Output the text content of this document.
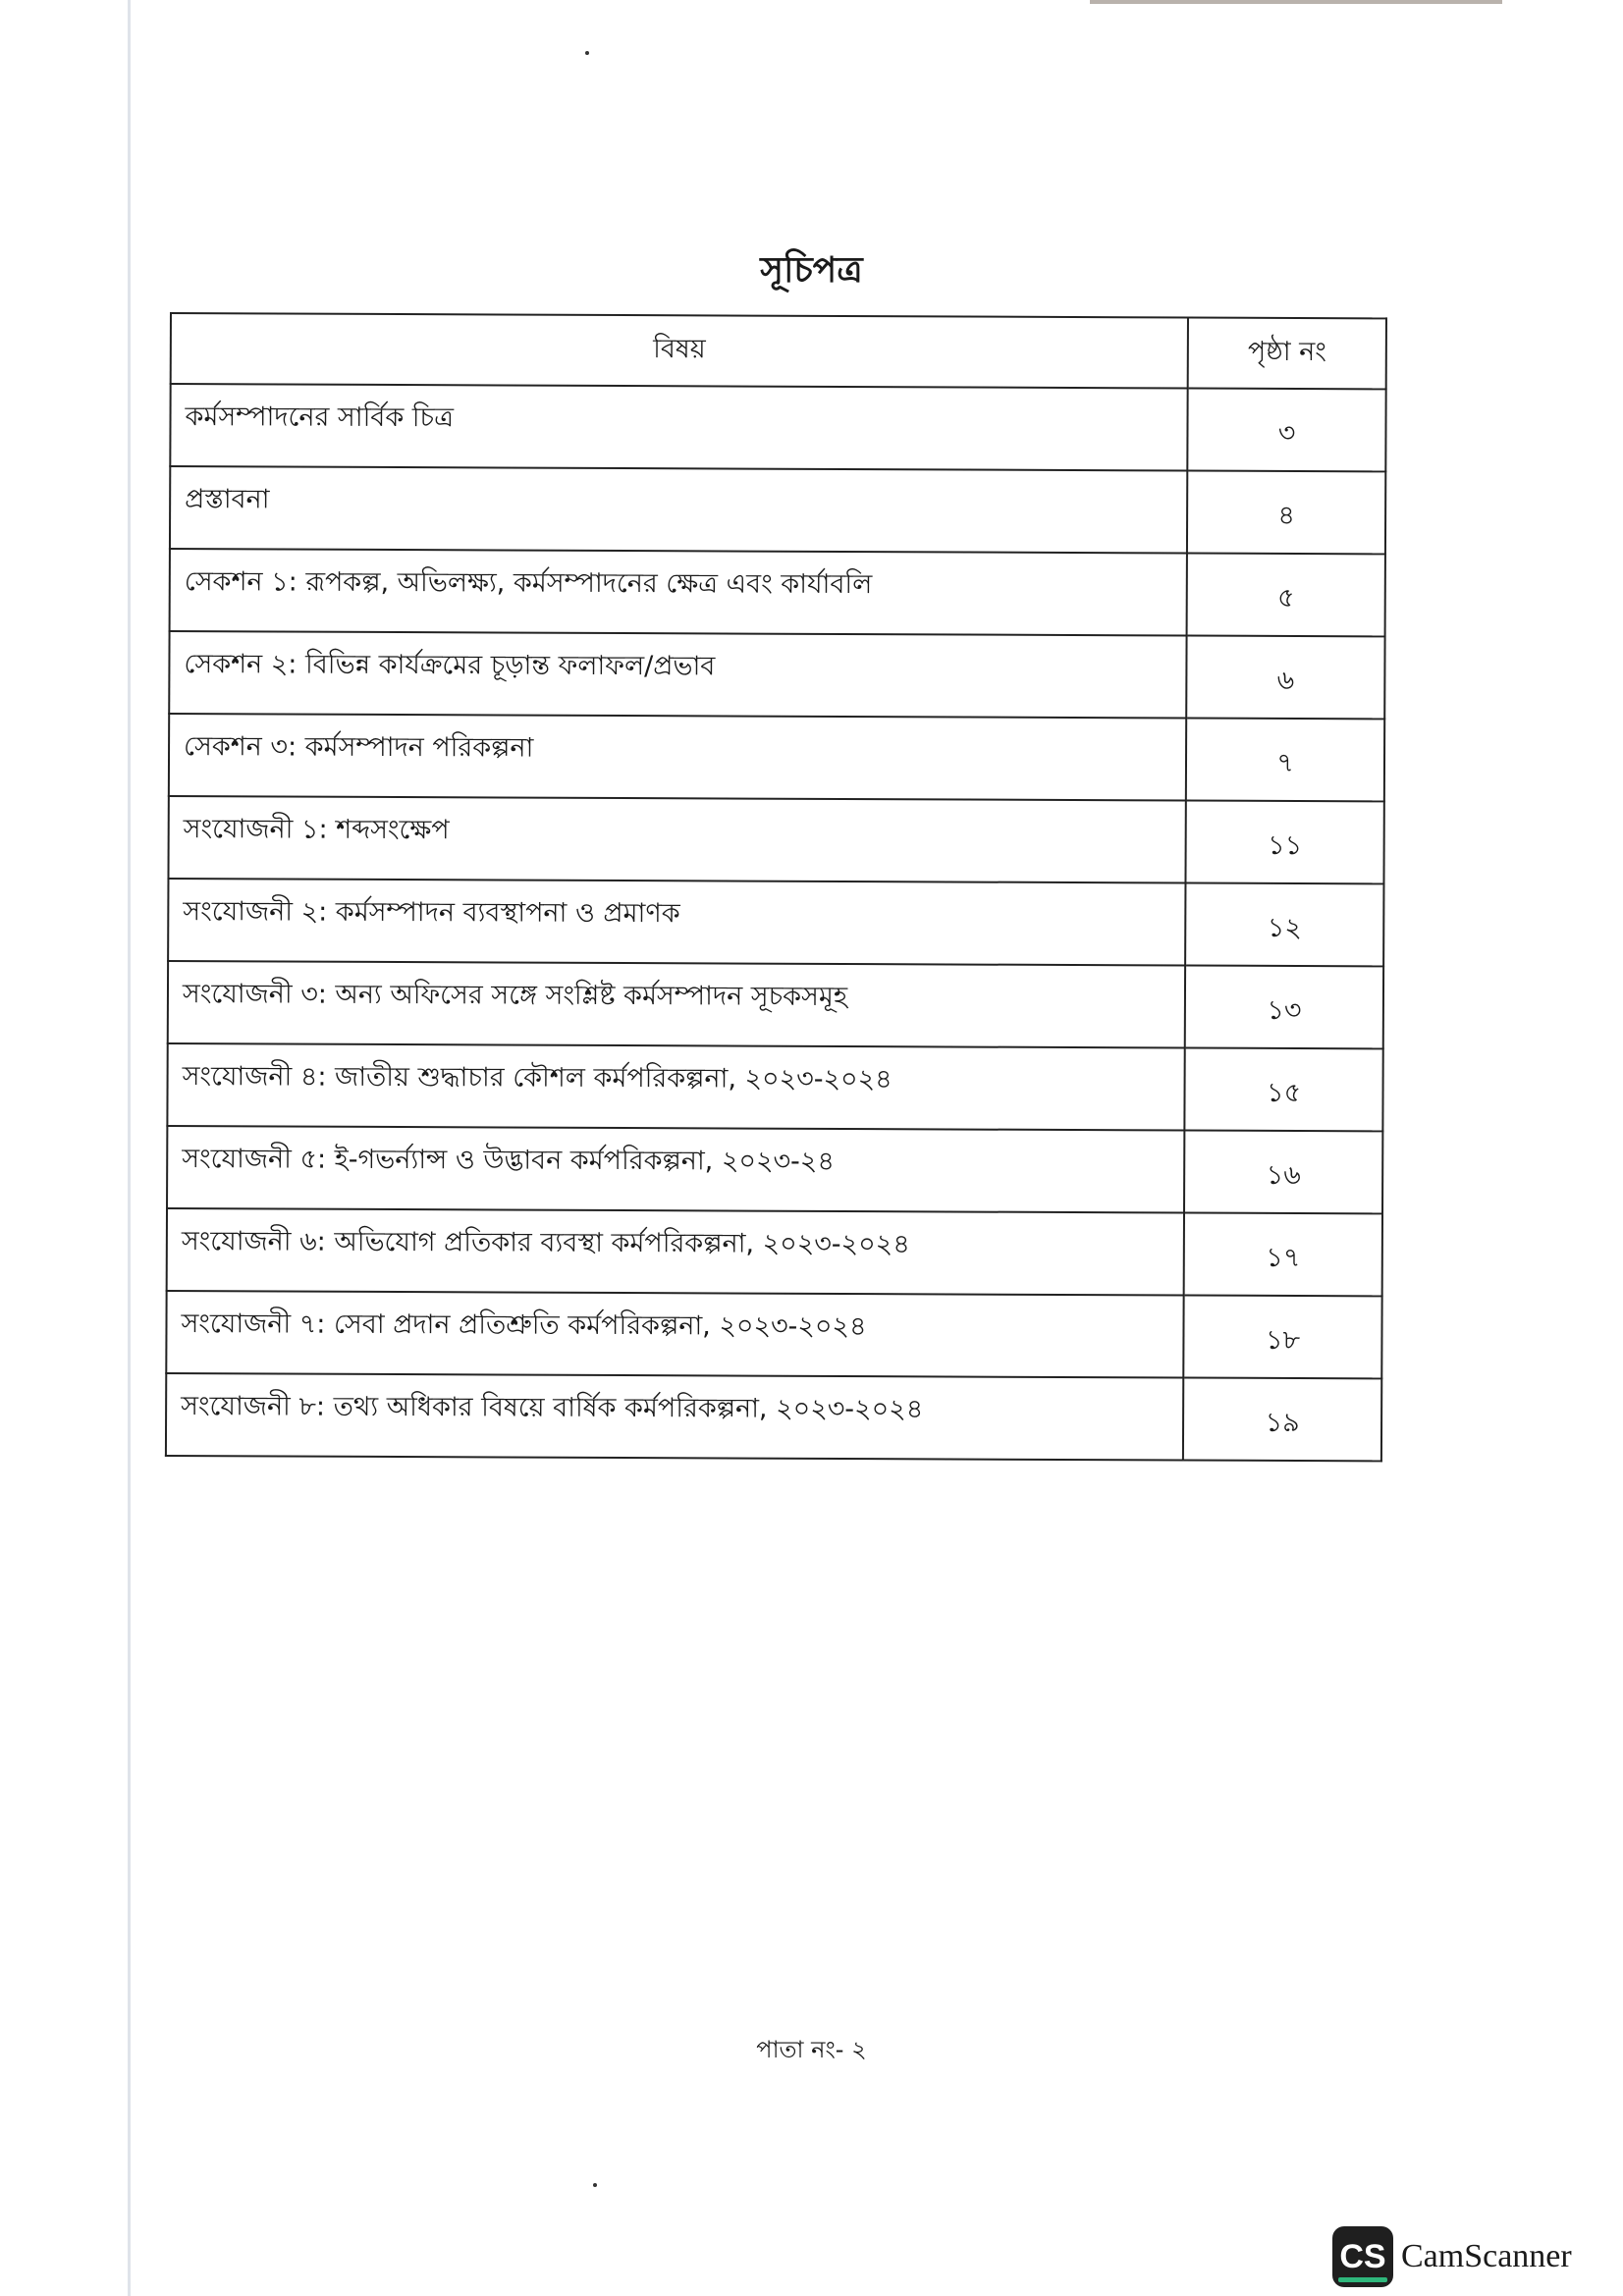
সূচিপত্র
বিষয়	পৃষ্ঠা নং
কর্মসম্পাদনের সার্বিক চিত্র	৩
প্রস্তাবনা	৪
সেকশন ১: রূপকল্প, অভিলক্ষ্য, কর্মসম্পাদনের ক্ষেত্র এবং কার্যাবলি	৫
সেকশন ২: বিভিন্ন কার্যক্রমের চূড়ান্ত ফলাফল/প্রভাব	৬
সেকশন ৩: কর্মসম্পাদন পরিকল্পনা	৭
সংযোজনী ১: শব্দসংক্ষেপ	১১
সংযোজনী ২: কর্মসম্পাদন ব্যবস্থাপনা ও প্রমাণক	১২
সংযোজনী ৩: অন্য অফিসের সঙ্গে সংশ্লিষ্ট কর্মসম্পাদন সূচকসমূহ	১৩
সংযোজনী ৪: জাতীয় শুদ্ধাচার কৌশল কর্মপরিকল্পনা, ২০২৩-২০২৪	১৫
সংযোজনী ৫: ই-গভর্ন্যান্স ও উদ্ভাবন কর্মপরিকল্পনা, ২০২৩-২৪	১৬
সংযোজনী ৬: অভিযোগ প্রতিকার ব্যবস্থা কর্মপরিকল্পনা, ২০২৩-২০২৪	১৭
সংযোজনী ৭: সেবা প্রদান প্রতিশ্রুতি কর্মপরিকল্পনা, ২০২৩-২০২৪	১৮
সংযোজনী ৮: তথ্য অধিকার বিষয়ে বার্ষিক কর্মপরিকল্পনা, ২০২৩-২০২৪	১৯
পাতা নং- ২
CS CamScanner
